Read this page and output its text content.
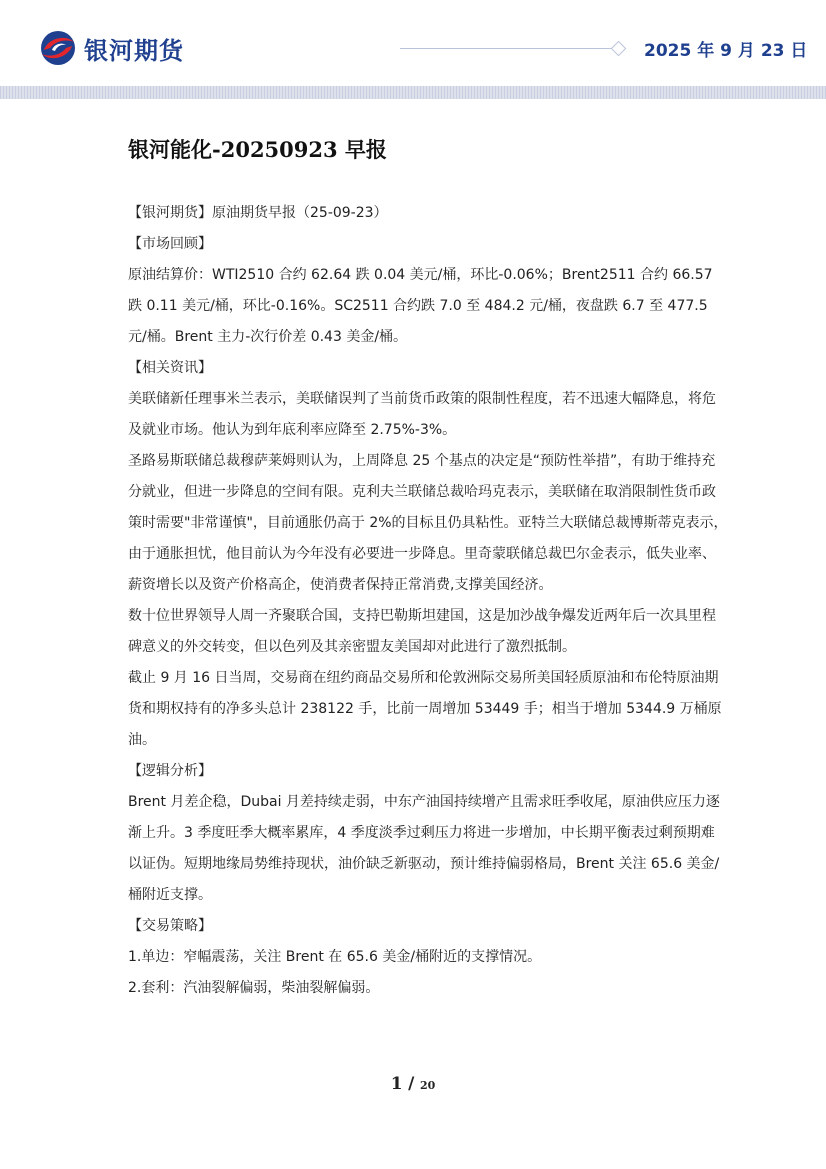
银河期货	2025 年 9 月 23 日
银河能化-20250923 早报

【银河期货】原油期货早报（25-09-23）

【市场回顾】

原油结算价：WTI2510 合约 62.64 跌 0.04 美元/桶，环比-0.06%；Brent2511 合约 66.57 跌 0.11 美元/桶，环比-0.16%。SC2511 合约跌 7.0 至 484.2 元/桶，夜盘跌 6.7 至 477.5 元/桶。Brent 主力-次行价差 0.43 美金/桶。

【相关资讯】

美联储新任理事米兰表示，美联储误判了当前货币政策的限制性程度，若不迅速大幅降息，将危及就业市场。他认为到年底利率应降至 2.75%-3%。

圣路易斯联储总裁穆萨莱姆则认为，上周降息 25 个基点的决定是“预防性举措”，有助于维持充分就业，但进一步降息的空间有限。克利夫兰联储总裁哈玛克表示，美联储在取消限制性货币政策时需要"非常谨慎"，目前通胀仍高于 2%的目标且仍具粘性。亚特兰大联储总裁博斯蒂克表示，由于通胀担忧，他目前认为今年没有必要进一步降息。里奇蒙联储总裁巴尔金表示，低失业率、薪资增长以及资产价格高企，使消费者保持正常消费,支撑美国经济。

数十位世界领导人周一齐聚联合国，支持巴勒斯坦建国，这是加沙战争爆发近两年后一次具里程碑意义的外交转变，但以色列及其亲密盟友美国却对此进行了激烈抵制。

截止 9 月 16 日当周，交易商在纽约商品交易所和伦敦洲际交易所美国轻质原油和布伦特原油期货和期权持有的净多头总计 238122 手，比前一周增加 53449 手；相当于增加 5344.9 万桶原油。

【逻辑分析】

Brent 月差企稳，Dubai 月差持续走弱，中东产油国持续增产且需求旺季收尾，原油供应压力逐渐上升。3 季度旺季大概率累库，4 季度淡季过剩压力将进一步增加，中长期平衡表过剩预期难以证伪。短期地缘局势维持现状，油价缺乏新驱动，预计维持偏弱格局，Brent 关注 65.6 美金/桶附近支撑。

【交易策略】

1.单边：窄幅震荡，关注 Brent 在 65.6 美金/桶附近的支撑情况。

2.套利：汽油裂解偏弱，柴油裂解偏弱。

1 / 20
